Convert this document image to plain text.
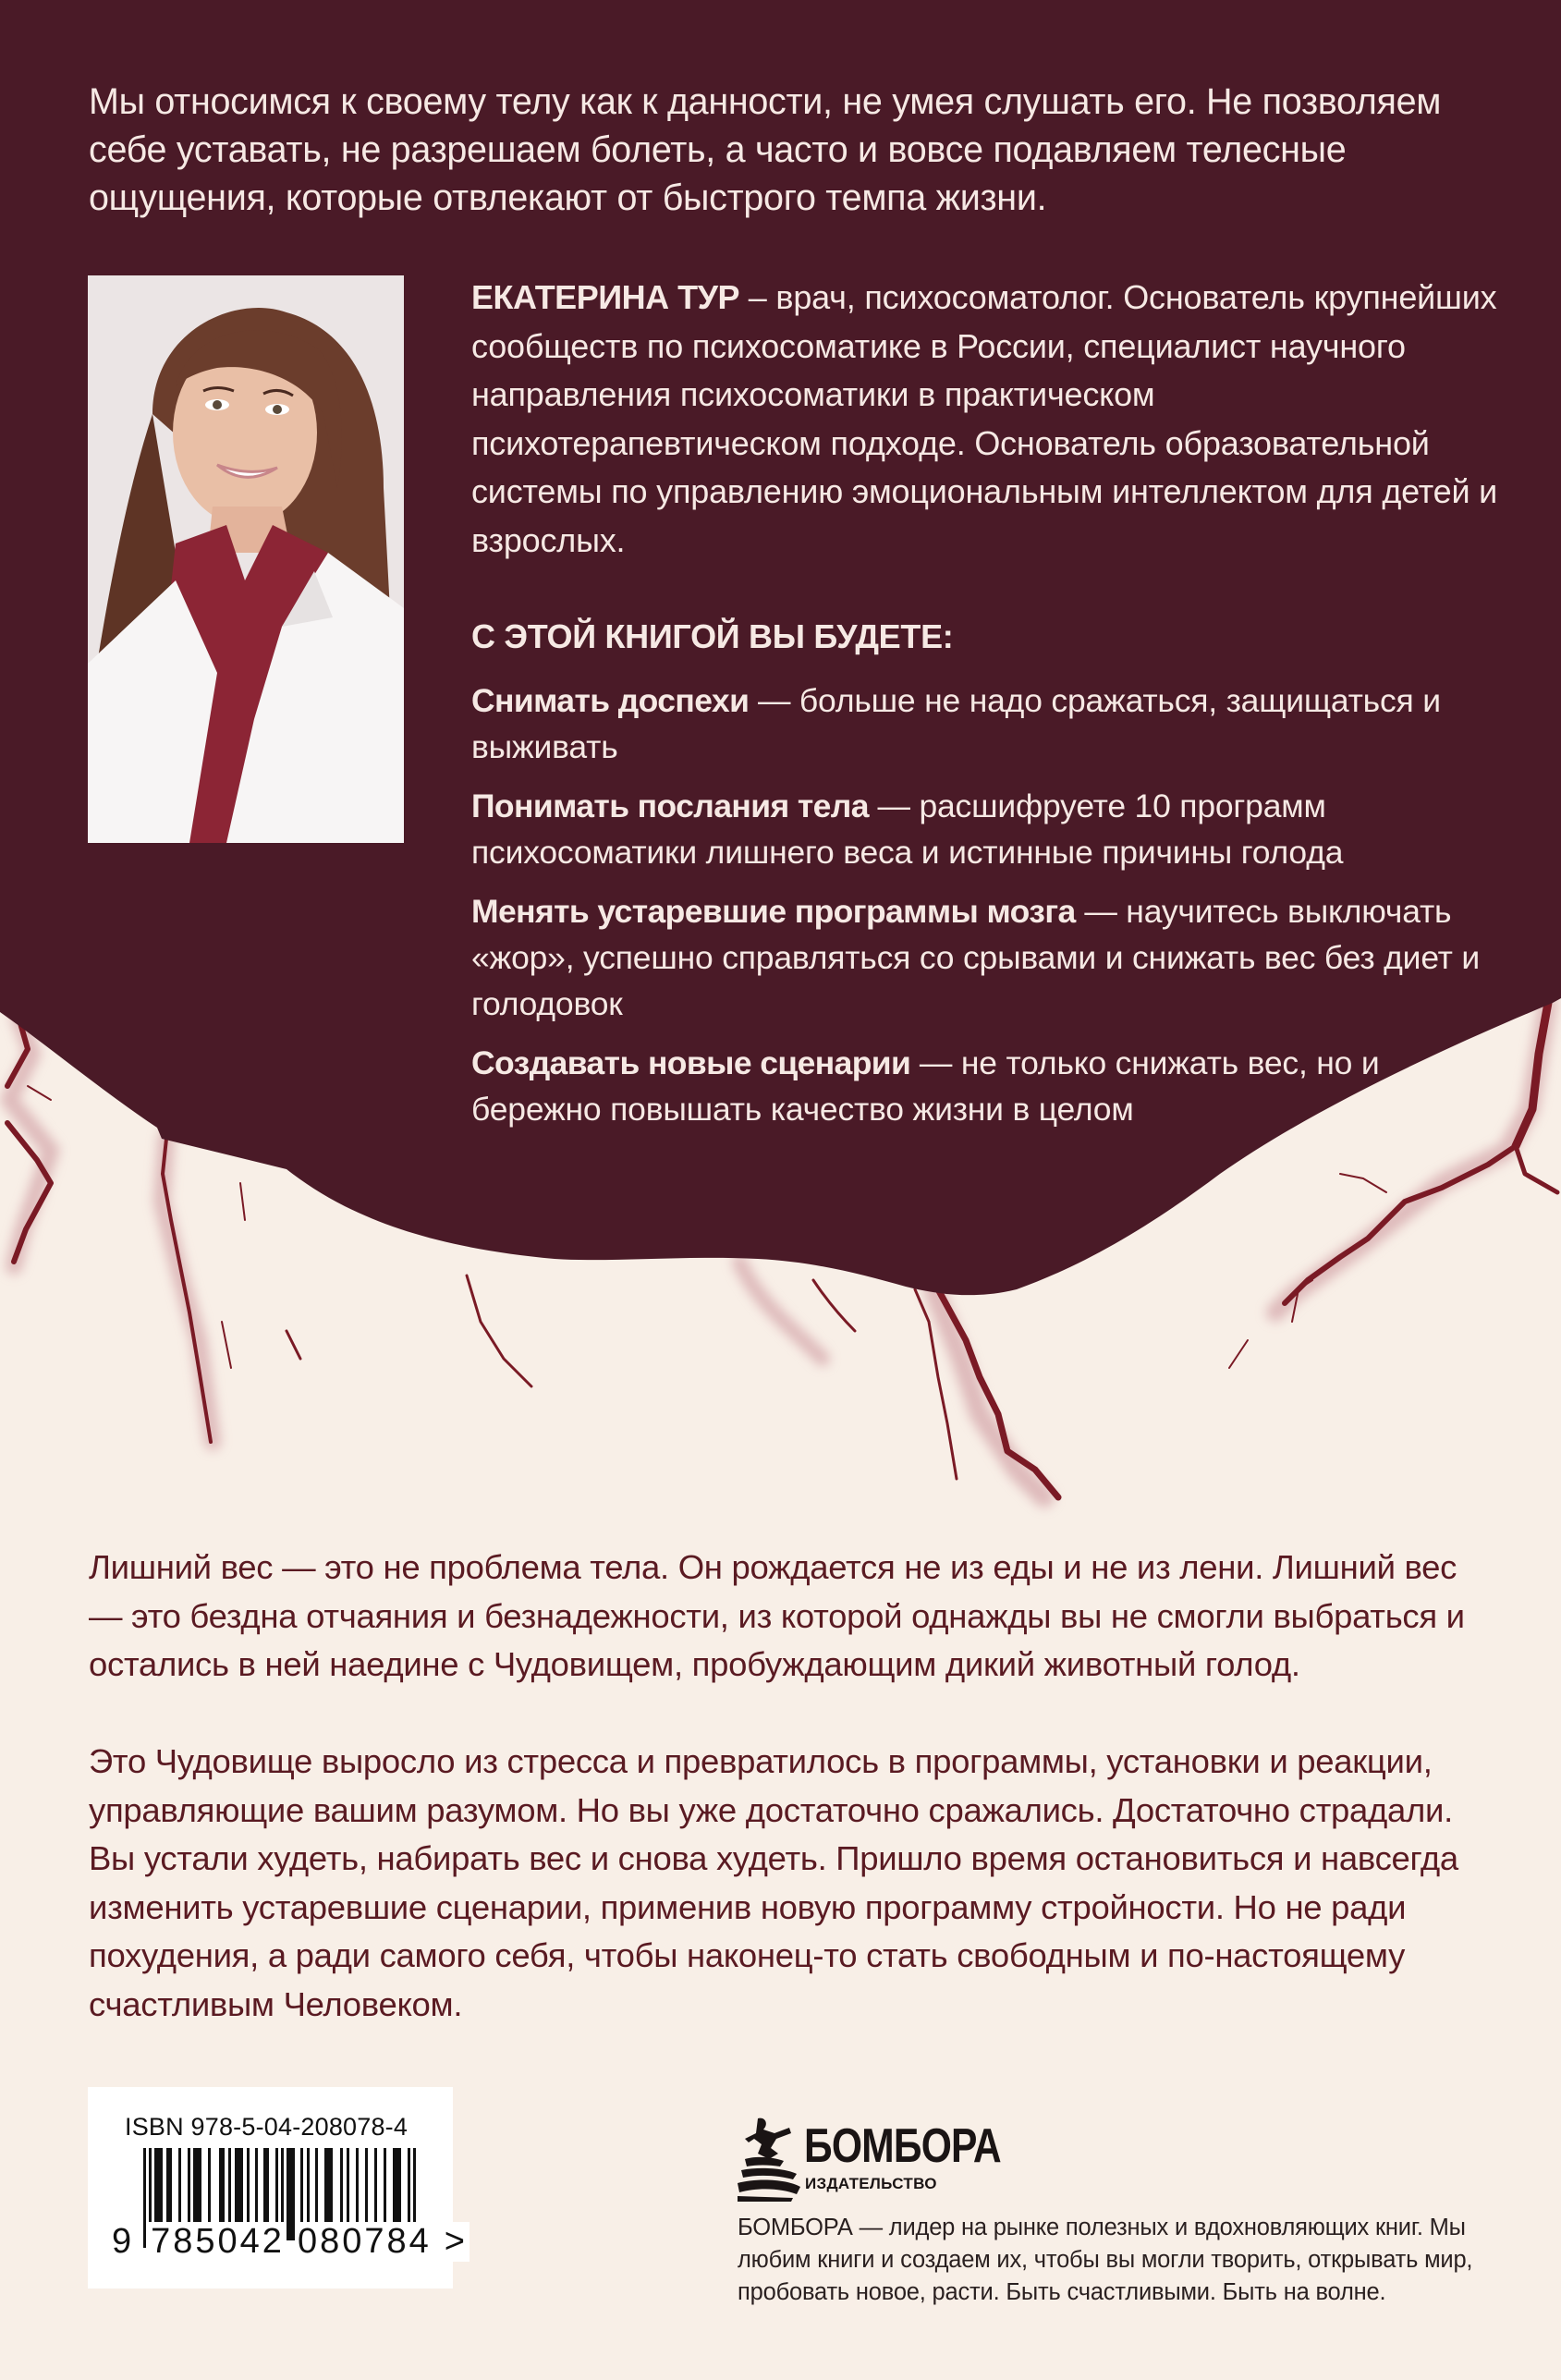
Мы относимся к своему телу как к данности, не умея слушать его. Не позволяем себе уставать, не разрешаем болеть, а часто и вовсе подавляем телесные ощущения, которые отвлекают от быстрого темпа жизни.

ЕКАТЕРИНА ТУР – врач, психосоматолог. Основатель крупнейших сообществ по психосоматике в России, специалист научного направления психосоматики в практическом психотерапевтическом подходе. Основатель образовательной системы по управлению эмоциональным интеллектом для детей и взрослых.

С ЭТОЙ КНИГОЙ ВЫ БУДЕТЕ:
Снимать доспехи — больше не надо сражаться, защищаться и выживать
Понимать послания тела — расшифруете 10 программ психосоматики лишнего веса и истинные причины голода
Менять устаревшие программы мозга — научитесь выключать «жор», успешно справляться со срывами и снижать вес без диет и голодовок
Создавать новые сценарии — не только снижать вес, но и бережно повышать качество жизни в целом

Лишний вес — это не проблема тела. Он рождается не из еды и не из лени. Лишний вес — это бездна отчаяния и безнадежности, из которой однажды вы не смогли выбраться и остались в ней наедине с Чудовищем, пробуждающим дикий животный голод.

Это Чудовище выросло из стресса и превратилось в программы, установки и реакции, управляющие вашим разумом. Но вы уже достаточно сражались. Достаточно страдали. Вы устали худеть, набирать вес и снова худеть. Пришло время остановиться и навсегда изменить устаревшие сценарии, применив новую программу стройности. Но не ради похудения, а ради самого себя, чтобы наконец-то стать свободным и по-настоящему счастливым Человеком.

ISBN 978-5-04-208078-4
9 785042 080784 >
БОМБОРА
ИЗДАТЕЛЬСТВО

БОМБОРА — лидер на рынке полезных и вдохновляющих книг. Мы любим книги и создаем их, чтобы вы могли творить, открывать мир, пробовать новое, расти. Быть счастливыми. Быть на волне.
